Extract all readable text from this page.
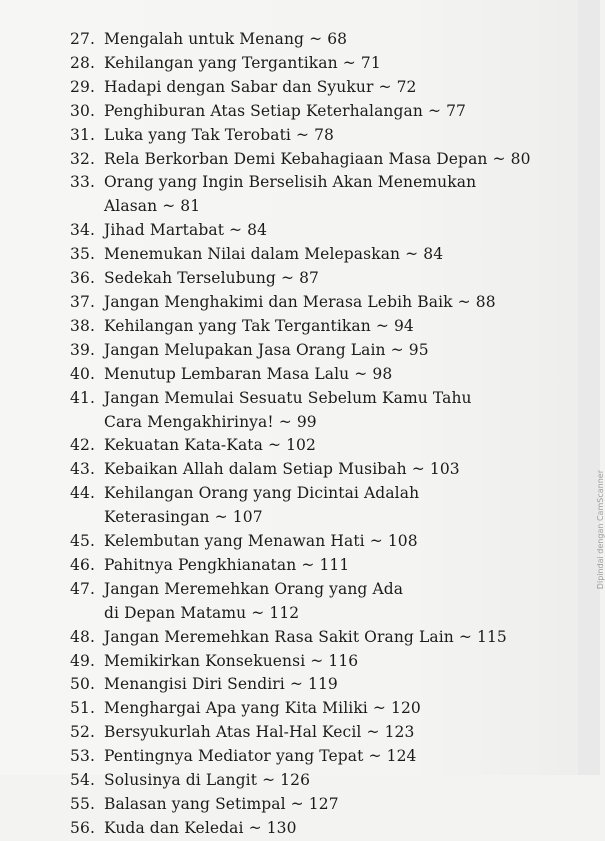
27. Mengalah untuk Menang ~ 68
28. Kehilangan yang Tergantikan ~ 71
29. Hadapi dengan Sabar dan Syukur ~ 72
30. Penghiburan Atas Setiap Keterhalangan ~ 77
31. Luka yang Tak Terobati ~ 78
32. Rela Berkorban Demi Kebahagiaan Masa Depan ~ 80
33. Orang yang Ingin Berselisih Akan Menemukan
Alasan ~ 81
34. Jihad Martabat ~ 84
35. Menemukan Nilai dalam Melepaskan ~ 84
36. Sedekah Terselubung ~ 87
37. Jangan Menghakimi dan Merasa Lebih Baik ~ 88
38. Kehilangan yang Tak Tergantikan ~ 94
39. Jangan Melupakan Jasa Orang Lain ~ 95
40. Menutup Lembaran Masa Lalu ~ 98
41. Jangan Memulai Sesuatu Sebelum Kamu Tahu
Cara Mengakhirinya! ~ 99
42. Kekuatan Kata-Kata ~ 102
43. Kebaikan Allah dalam Setiap Musibah ~ 103
44. Kehilangan Orang yang Dicintai Adalah
Keterasingan ~ 107
45. Kelembutan yang Menawan Hati ~ 108
46. Pahitnya Pengkhianatan ~ 111
47. Jangan Meremehkan Orang yang Ada
di Depan Matamu ~ 112
48. Jangan Meremehkan Rasa Sakit Orang Lain ~ 115
49. Memikirkan Konsekuensi ~ 116
50. Menangisi Diri Sendiri ~ 119
51. Menghargai Apa yang Kita Miliki ~ 120
52. Bersyukurlah Atas Hal-Hal Kecil ~ 123
53. Pentingnya Mediator yang Tepat ~ 124
54. Solusinya di Langit ~ 126
55. Balasan yang Setimpal ~ 127
56. Kuda dan Keledai ~ 130
Dipindai dengan CamScanner
